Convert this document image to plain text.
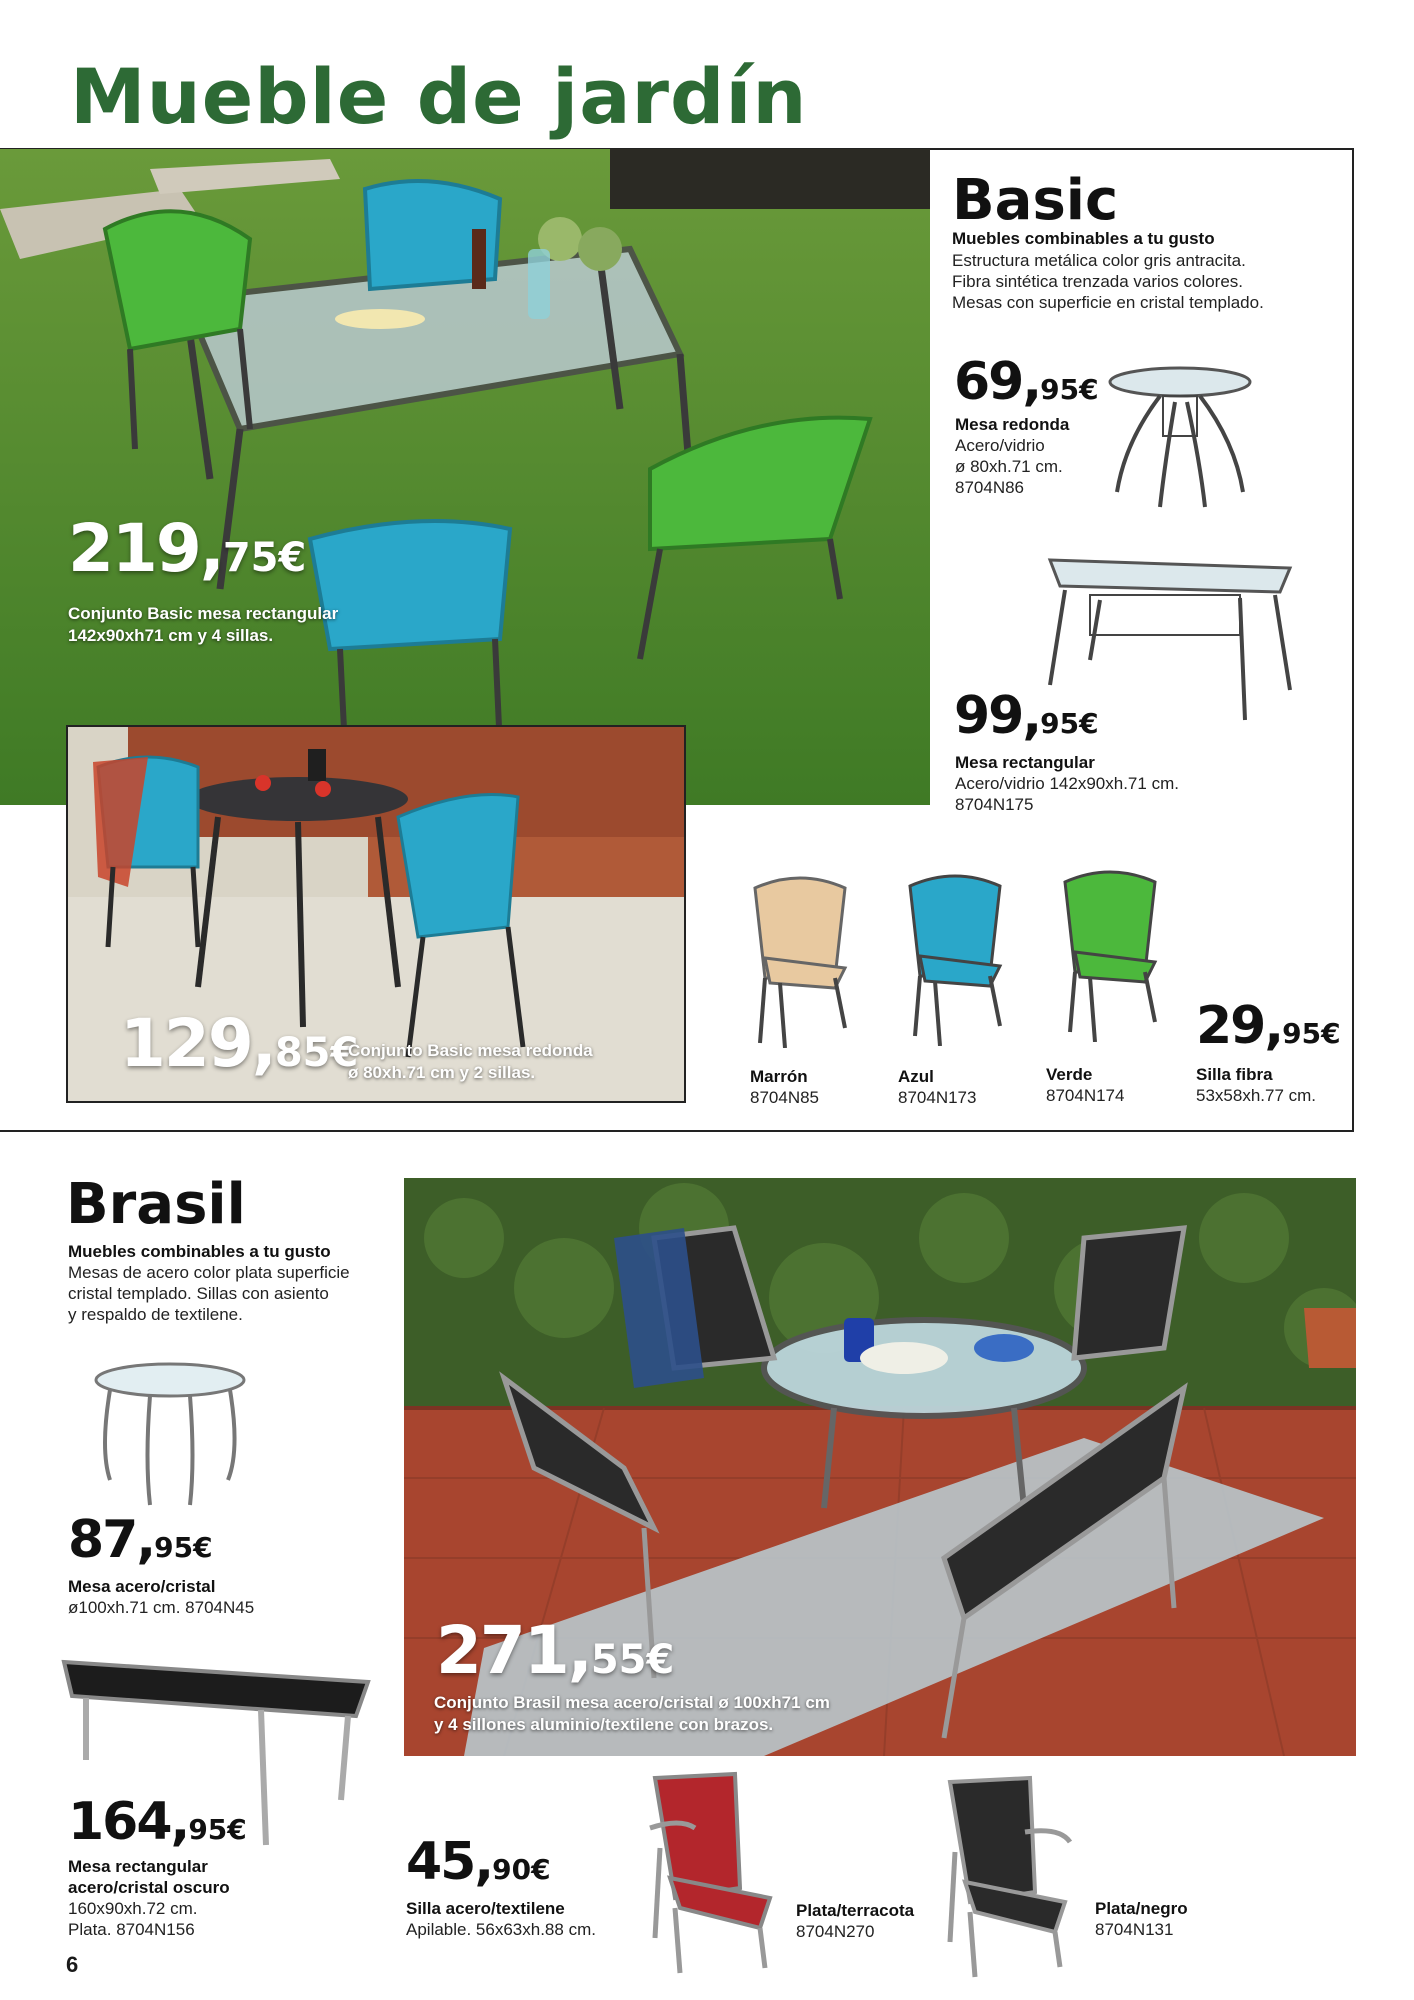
Mueble de jardín
219,75€
Conjunto Basic mesa rectangular
142x90xh71 cm y 4 sillas.
129,85€
Conjunto Basic mesa redonda
ø 80xh.71 cm y 2 sillas.
Basic
Muebles combinables a tu gusto
Estructura metálica color gris antracita.
Fibra sintética trenzada varios colores.
Mesas con superficie en cristal templado.
69,95€
Mesa redonda
Acero/vidrio
ø 80xh.71 cm.
8704N86
99,95€
Mesa rectangular
Acero/vidrio 142x90xh.71 cm.
8704N175
Marrón
8704N85
Azul
8704N173
Verde
8704N174
29,95€
Silla fibra
53x58xh.77 cm.
Brasil
Muebles combinables a tu gusto
Mesas de acero color plata superficie
cristal templado. Sillas con asiento
y respaldo de textilene.
87,95€
Mesa acero/cristal
ø100xh.71 cm. 8704N45
164,95€
Mesa rectangular
acero/cristal oscuro
160x90xh.72 cm.
Plata. 8704N156
271,55€
Conjunto Brasil mesa acero/cristal ø 100xh71 cm
y 4 sillones aluminio/textilene con brazos.
45,90€
Silla acero/textilene
Apilable. 56x63xh.88 cm.
Plata/terracota
8704N270
Plata/negro
8704N131
6
